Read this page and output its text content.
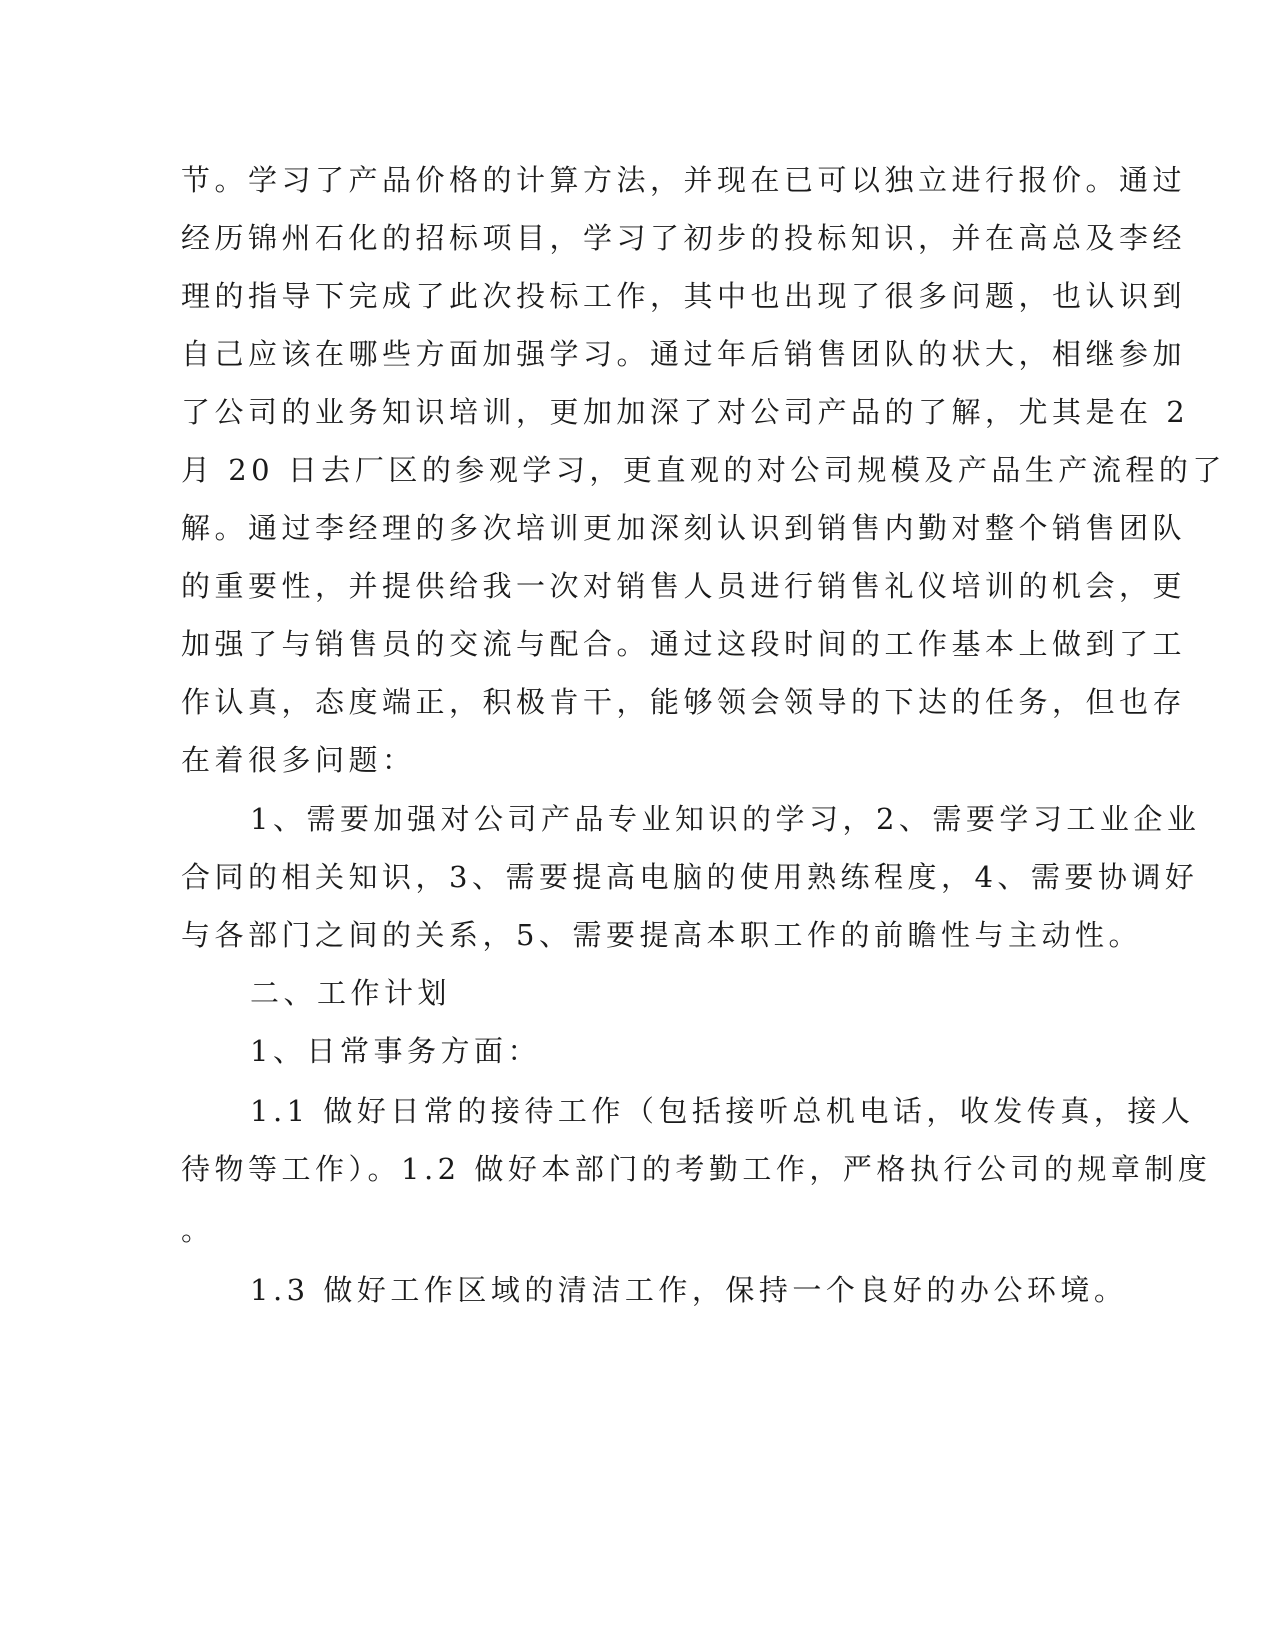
节。学习了产品价格的计算方法，并现在已可以独立进行报价。通过

经历锦州石化的招标项目，学习了初步的投标知识，并在高总及李经

理的指导下完成了此次投标工作，其中也出现了很多问题，也认识到

自己应该在哪些方面加强学习。通过年后销售团队的状大，相继参加

了公司的业务知识培训，更加加深了对公司产品的了解，尤其是在 2

月 20 日去厂区的参观学习，更直观的对公司规模及产品生产流程的了

解。通过李经理的多次培训更加深刻认识到销售内勤对整个销售团队

的重要性，并提供给我一次对销售人员进行销售礼仪培训的机会，更

加强了与销售员的交流与配合。通过这段时间的工作基本上做到了工

作认真，态度端正，积极肯干，能够领会领导的下达的任务，但也存

在着很多问题：

1、需要加强对公司产品专业知识的学习，2、需要学习工业企业

合同的相关知识，3、需要提高电脑的使用熟练程度，4、需要协调好

与各部门之间的关系，5、需要提高本职工作的前瞻性与主动性。

二、工作计划

1、日常事务方面：

1.1 做好日常的接待工作（包括接听总机电话，收发传真，接人

待物等工作）。1.2 做好本部门的考勤工作，严格执行公司的规章制度

。

1.3 做好工作区域的清洁工作，保持一个良好的办公环境。
